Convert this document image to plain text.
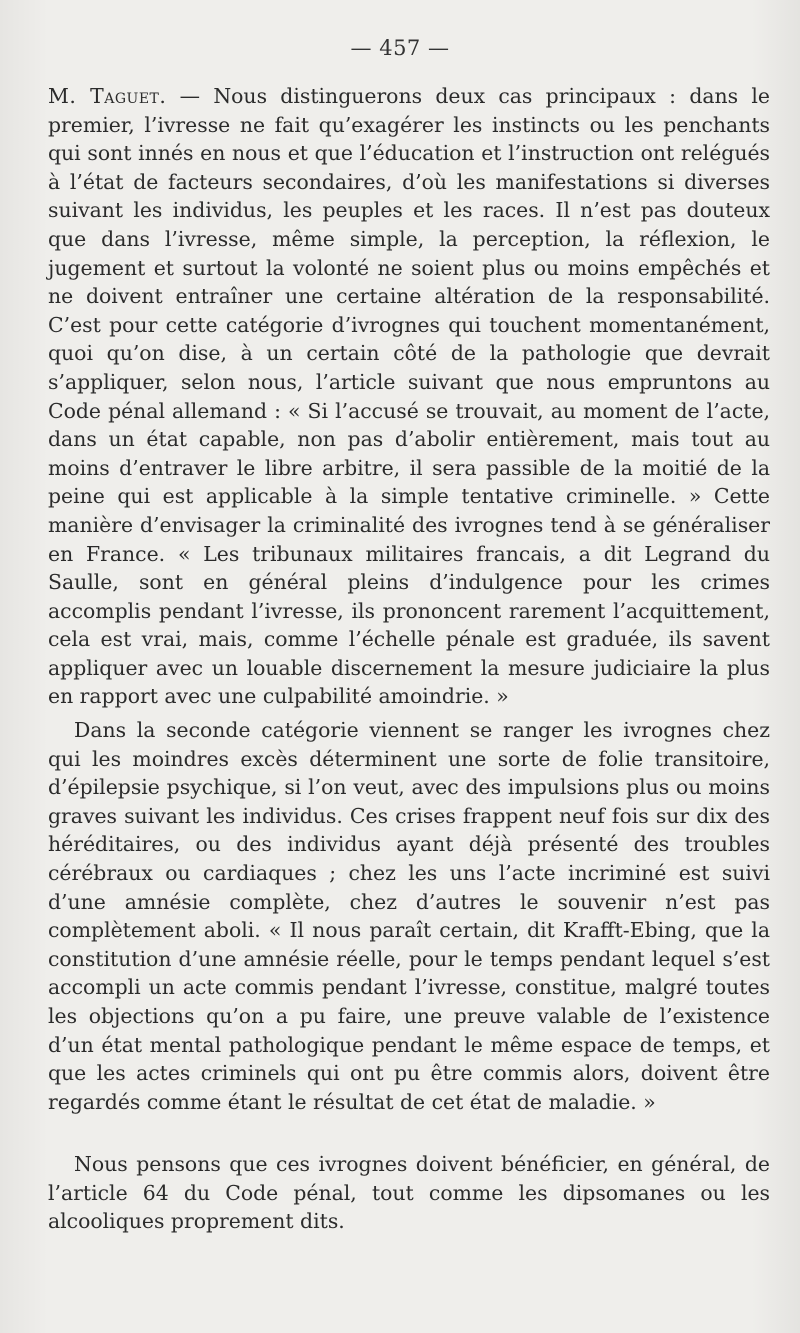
— 457 —

M. Taguet. — Nous distinguerons deux cas principaux : dans le premier, l’ivresse ne fait qu’exagérer les instincts ou les penchants qui sont innés en nous et que l’éducation et l’instruction ont relégués à l’état de facteurs secondaires, d’où les manifestations si diverses suivant les individus, les peuples et les races. Il n’est pas douteux que dans l’ivresse, même simple, la perception, la réflexion, le jugement et surtout la volonté ne soient plus ou moins empêchés et ne doivent entraîner une certaine altération de la responsabilité. C’est pour cette catégorie d’ivrognes qui touchent momentanément, quoi qu’on dise, à un certain côté de la pathologie que devrait s’appliquer, selon nous, l’article suivant que nous empruntons au Code pénal allemand : « Si l’accusé se trouvait, au moment de l’acte, dans un état capable, non pas d’abolir entièrement, mais tout au moins d’entraver le libre arbitre, il sera passible de la moitié de la peine qui est applicable à la simple tentative criminelle. » Cette manière d’envisager la criminalité des ivrognes tend à se généraliser en France. « Les tribunaux militaires francais, a dit Legrand du Saulle, sont en général pleins d’indulgence pour les crimes accomplis pendant l’ivresse, ils prononcent rarement l’acquittement, cela est vrai, mais, comme l’échelle pénale est graduée, ils savent appliquer avec un louable discernement la mesure judiciaire la plus en rapport avec une culpabilité amoindrie. »

Dans la seconde catégorie viennent se ranger les ivrognes chez qui les moindres excès déterminent une sorte de folie transitoire, d’épilepsie psychique, si l’on veut, avec des impulsions plus ou moins graves suivant les individus. Ces crises frappent neuf fois sur dix des héréditaires, ou des individus ayant déjà présenté des troubles cérébraux ou cardiaques ; chez les uns l’acte incriminé est suivi d’une amnésie complète, chez d’autres le souvenir n’est pas complètement aboli. « Il nous paraît certain, dit Krafft-Ebing, que la constitution d’une amnésie réelle, pour le temps pendant lequel s’est accompli un acte commis pendant l’ivresse, constitue, malgré toutes les objections qu’on a pu faire, une preuve valable de l’existence d’un état mental pathologique pendant le même espace de temps, et que les actes criminels qui ont pu être commis alors, doivent être regardés comme étant le résultat de cet état de maladie. »

Nous pensons que ces ivrognes doivent bénéficier, en général, de l’article 64 du Code pénal, tout comme les dipsomanes ou les alcooliques proprement dits.
